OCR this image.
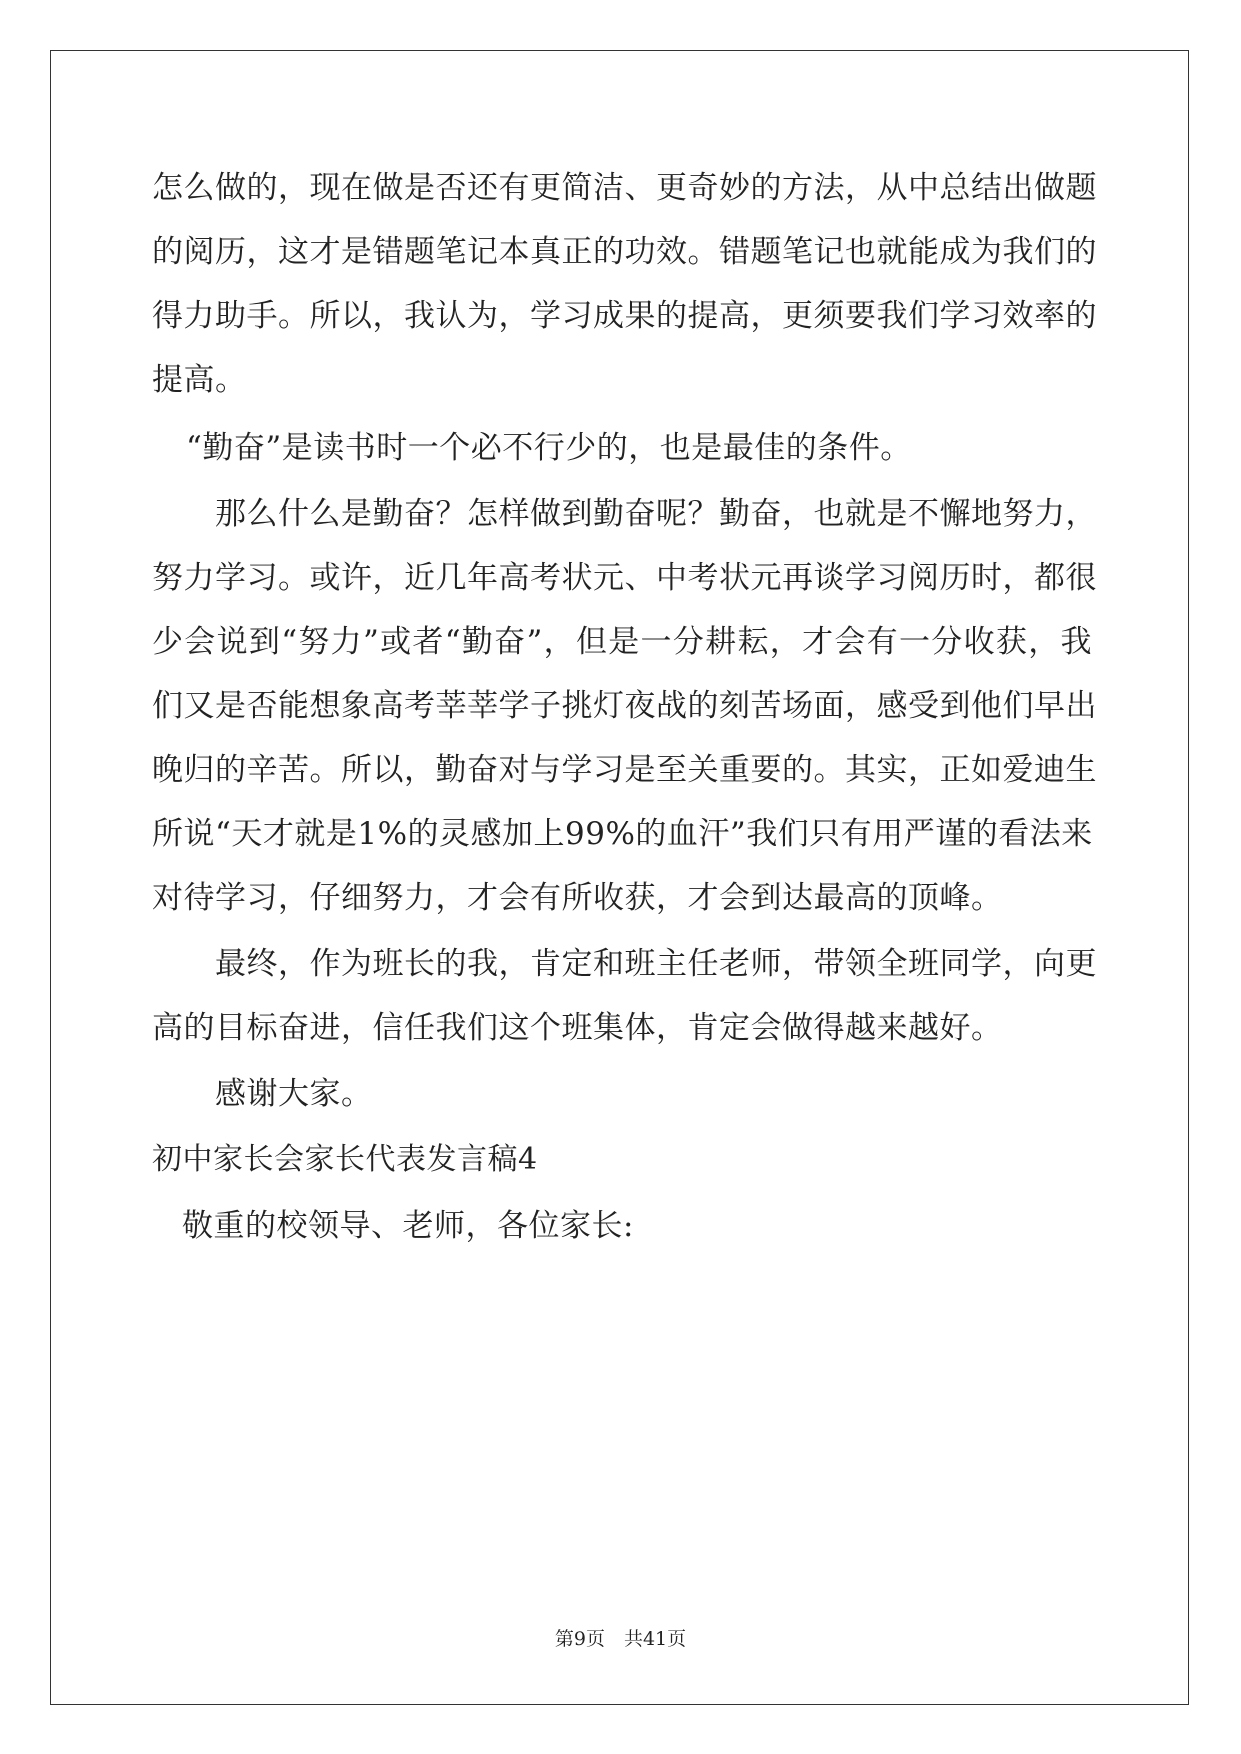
怎么做的，现在做是否还有更简洁、更奇妙的方法，从中总结出做题
的阅历，这才是错题笔记本真正的功效。错题笔记也就能成为我们的
得力助手。所以，我认为，学习成果的提高，更须要我们学习效率的
提高。
“勤奋”是读书时一个必不行少的，也是最佳的条件。
那么什么是勤奋？怎样做到勤奋呢？勤奋，也就是不懈地努力，
努力学习。或许，近几年高考状元、中考状元再谈学习阅历时，都很
少会说到“努力”或者“勤奋”，但是一分耕耘，才会有一分收获，我
们又是否能想象高考莘莘学子挑灯夜战的刻苦场面，感受到他们早出
晚归的辛苦。所以，勤奋对与学习是至关重要的。其实，正如爱迪生
所说“天才就是1%的灵感加上99%的血汗”我们只有用严谨的看法来
对待学习，仔细努力，才会有所收获，才会到达最高的顶峰。
最终，作为班长的我，肯定和班主任老师，带领全班同学，向更
高的目标奋进，信任我们这个班集体，肯定会做得越来越好。
感谢大家。
初中家长会家长代表发言稿4
敬重的校领导、老师，各位家长:
第9页　共41页
